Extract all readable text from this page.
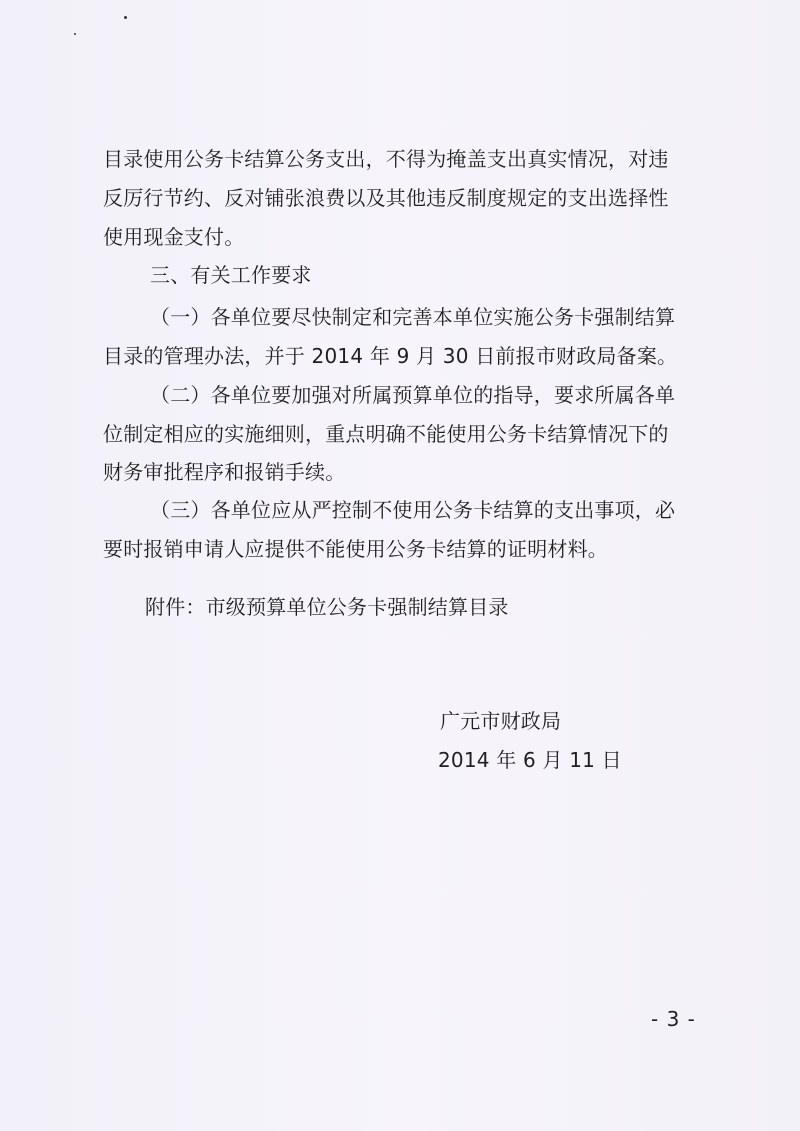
目录使用公务卡结算公务支出，不得为掩盖支出真实情况，对违
反厉行节约、反对铺张浪费以及其他违反制度规定的支出选择性
使用现金支付。
三、有关工作要求
（一）各单位要尽快制定和完善本单位实施公务卡强制结算
目录的管理办法，并于 2014 年 9 月 30 日前报市财政局备案。
（二）各单位要加强对所属预算单位的指导，要求所属各单
位制定相应的实施细则，重点明确不能使用公务卡结算情况下的
财务审批程序和报销手续。
（三）各单位应从严控制不使用公务卡结算的支出事项，必
要时报销申请人应提供不能使用公务卡结算的证明材料。
附件：市级预算单位公务卡强制结算目录
广元市财政局
2014 年 6 月 11 日
- 3 -
